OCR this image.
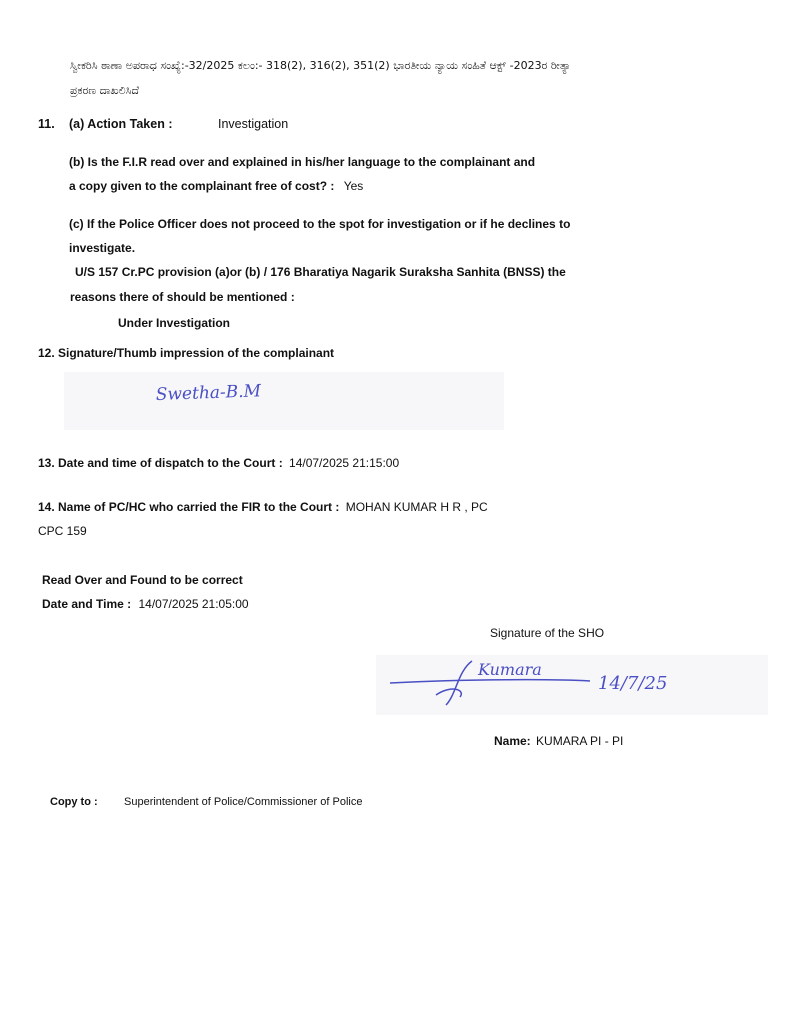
ಸ್ವೀಕರಿಸಿ ಠಾಣಾ ಅಪರಾಧ ಸಂಖ್ಯೆ:-32/2025 ಕಲಂ:- 318(2), 316(2), 351(2) ಭಾರತೀಯ ನ್ಯಾಯ ಸಂಹಿತೆ ಆಕ್ಟ್ -2023ರ ರೀತ್ಯಾ
ಪ್ರಕರಣ ದಾಖಲಿಸಿದೆ
11. (a) Action Taken :	Investigation
(b) Is the F.I.R read over and explained in his/her language to the complainant and
a copy given to the complainant free of cost? : Yes
(c) If the Police Officer does not proceed to the spot for investigation or if he declines to
investigate.
U/S 157 Cr.PC provision (a)or (b) / 176 Bharatiya Nagarik Suraksha Sanhita (BNSS) the
reasons there of should be mentioned :
Under Investigation
12. Signature/Thumb impression of the complainant
Swetha-B.M
13. Date and time of dispatch to the Court : 14/07/2025 21:15:00
14. Name of PC/HC who carried the FIR to the Court : MOHAN KUMAR H R , PC
CPC 159
Read Over and Found to be correct
Date and Time : 14/07/2025 21:05:00
Signature of the SHO
Kumara
14/7/25
Name: KUMARA PI - PI
Copy to : Superintendent of Police/Commissioner of Police
